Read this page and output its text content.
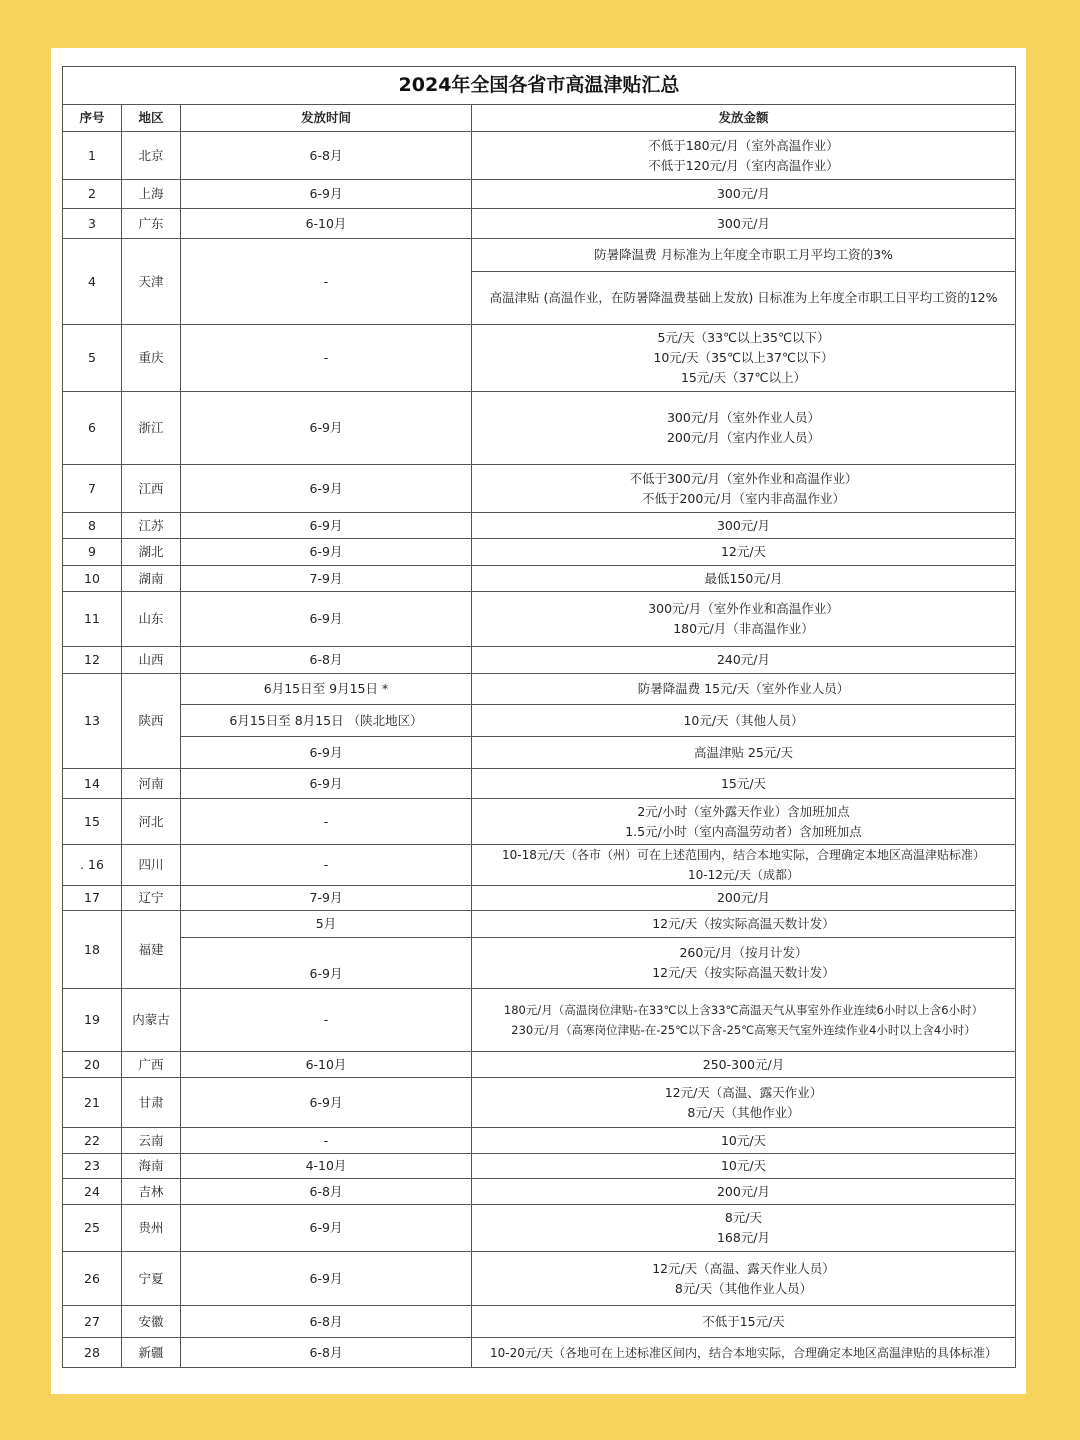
2024年全国各省市高温津贴汇总
序号	地区	发放时间	发放金额
1	北京	6-8月	不低于180元/月（室外高温作业）
不低于120元/月（室内高温作业）

2	上海	6-9月	300元/月
3	广东	6-10月	300元/月
4	天津	-	防暑降温费 月标准为上年度全市职工月平均工资的3%
			高温津贴 (高温作业，在防暑降温费基础上发放) 日标准为上年度全市职工日平均工资的12%
5	重庆	-	5元/天（33℃以上35℃以下）
10元/天（35℃以上37℃以下）
15元/天（37℃以上）

6	浙江	6-9月	300元/月（室外作业人员）
200元/月（室内作业人员）

7	江西	6-9月	不低于300元/月（室外作业和高温作业）
不低于200元/月（室内非高温作业）

8	江苏	6-9月	300元/月
9	湖北	6-9月	12元/天
10	湖南	7-9月	最低150元/月
11	山东	6-9月	300元/月（室外作业和高温作业）
180元/月（非高温作业）

12	山西	6-8月	240元/月
13	陕西	6月15日至 9月15日 *	防暑降温费 15元/天（室外作业人员）
		6月15日至 8月15日 （陕北地区）	10元/天（其他人员）
		6-9月	高温津贴 25元/天
14	河南	6-9月	15元/天
15	河北	-	2元/小时（室外露天作业）含加班加点
1.5元/小时（室内高温劳动者）含加班加点

. 16	四川	-	10-18元/天（各市（州）可在上述范围内，结合本地实际，合理确定本地区高温津贴标准）
10-12元/天（成都）

17	辽宁	7-9月	200元/月
18	福建	5月	12元/天（按实际高温天数计发）
		6-9月	260元/月（按月计发）
12元/天（按实际高温天数计发）

19	内蒙古	-	180元/月（高温岗位津贴-在33℃以上含33℃高温天气从事室外作业连续6小时以上含6小时）
230元/月（高寒岗位津贴-在-25℃以下含-25℃高寒天气室外连续作业4小时以上含4小时）

20	广西	6-10月	250-300元/月
21	甘肃	6-9月	12元/天（高温、露天作业）
8元/天（其他作业）

22	云南	-	10元/天
23	海南	4-10月	10元/天
24	吉林	6-8月	200元/月
25	贵州	6-9月	8元/天
168元/月

26	宁夏	6-9月	12元/天（高温、露天作业人员）
8元/天（其他作业人员）

27	安徽	6-8月	不低于15元/天
28	新疆	6-8月	10-20元/天（各地可在上述标准区间内，结合本地实际，合理确定本地区高温津贴的具体标准）
